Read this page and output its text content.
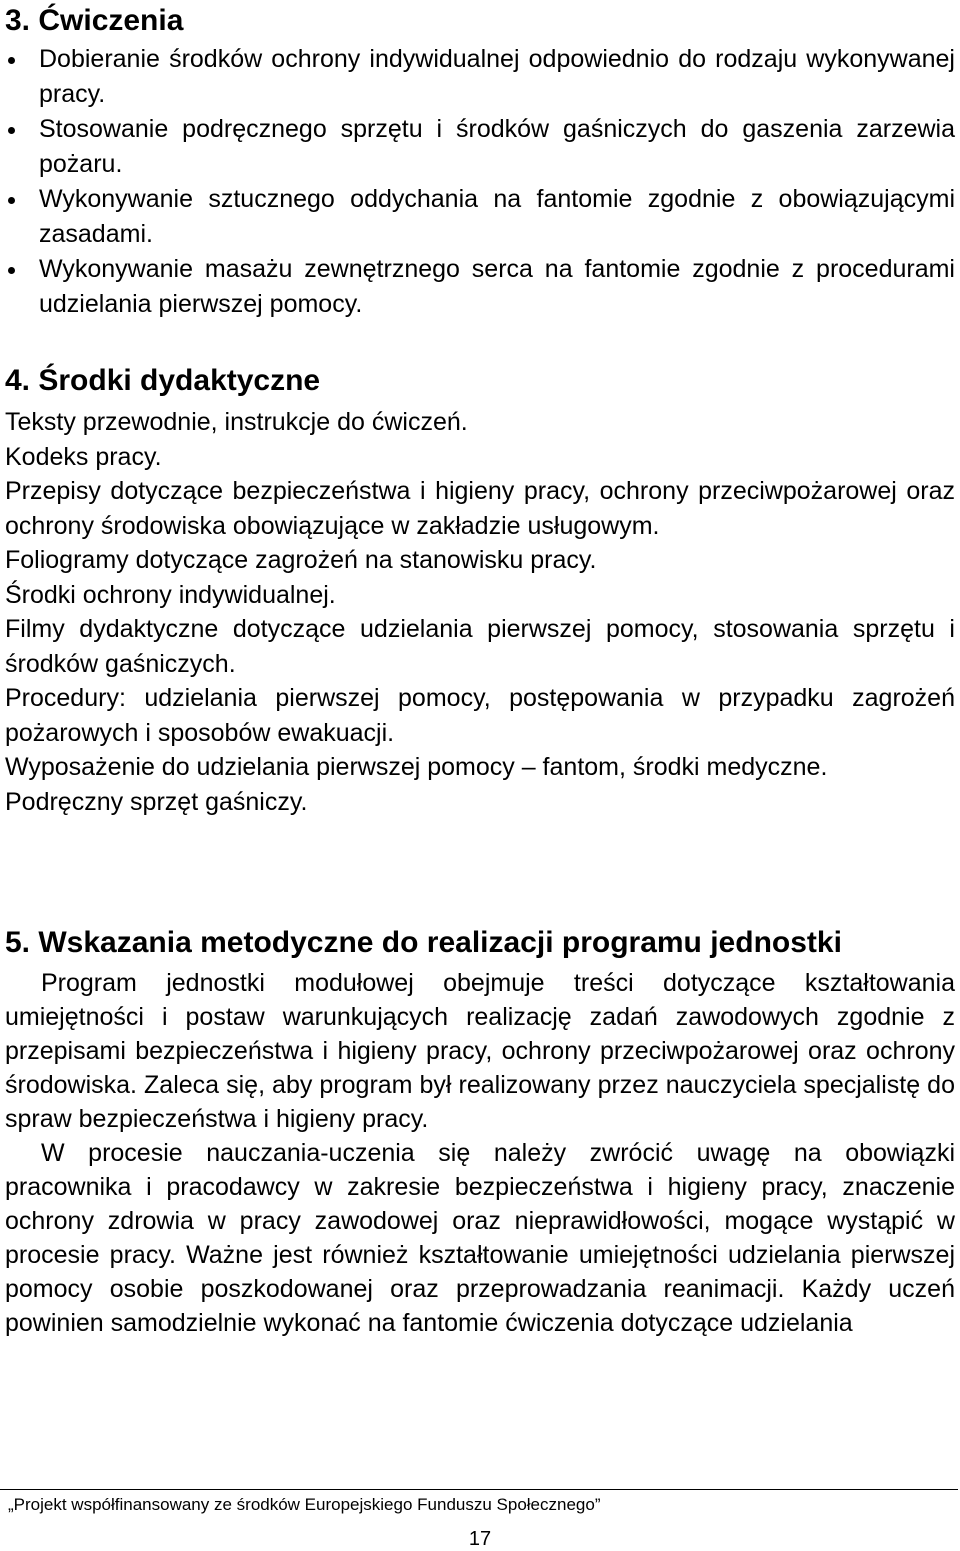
3. Ćwiczenia
Dobieranie środków ochrony indywidualnej odpowiednio do rodzaju wykonywanej pracy.
Stosowanie podręcznego sprzętu i środków gaśniczych do gaszenia zarzewia pożaru.
Wykonywanie sztucznego oddychania na fantomie zgodnie z obowiązującymi zasadami.
Wykonywanie masażu zewnętrznego serca na fantomie zgodnie z procedurami udzielania pierwszej pomocy.
4. Środki dydaktyczne

Teksty przewodnie, instrukcje do ćwiczeń.

Kodeks pracy.

Przepisy dotyczące bezpieczeństwa i higieny pracy, ochrony przeciwpożarowej oraz ochrony środowiska obowiązujące w zakładzie usługowym.

Foliogramy dotyczące zagrożeń na stanowisku pracy.

Środki ochrony indywidualnej.

Filmy dydaktyczne dotyczące udzielania pierwszej pomocy, stosowania sprzętu i środków gaśniczych.

Procedury: udzielania pierwszej pomocy, postępowania w przypadku zagrożeń pożarowych i sposobów ewakuacji.

Wyposażenie do udzielania pierwszej pomocy – fantom, środki medyczne.

Podręczny sprzęt gaśniczy.

5. Wskazania metodyczne do realizacji programu jednostki

Program jednostki modułowej obejmuje treści dotyczące kształtowania umiejętności i postaw warunkujących realizację zadań zawodowych zgodnie z przepisami bezpieczeństwa i higieny pracy, ochrony przeciwpożarowej oraz ochrony środowiska. Zaleca się, aby program był realizowany przez nauczyciela specjalistę do spraw bezpieczeństwa i higieny pracy.

W procesie nauczania-uczenia się należy zwrócić uwagę na obowiązki pracownika i pracodawcy w zakresie bezpieczeństwa i higieny pracy, znaczenie ochrony zdrowia w pracy zawodowej oraz nieprawidłowości, mogące wystąpić w procesie pracy. Ważne jest również kształtowanie umiejętności udzielania pierwszej pomocy osobie poszkodowanej oraz przeprowadzania reanimacji. Każdy uczeń powinien samodzielnie wykonać na fantomie ćwiczenia dotyczące udzielania

„Projekt współfinansowany ze środków Europejskiego Funduszu Społecznego”
17
